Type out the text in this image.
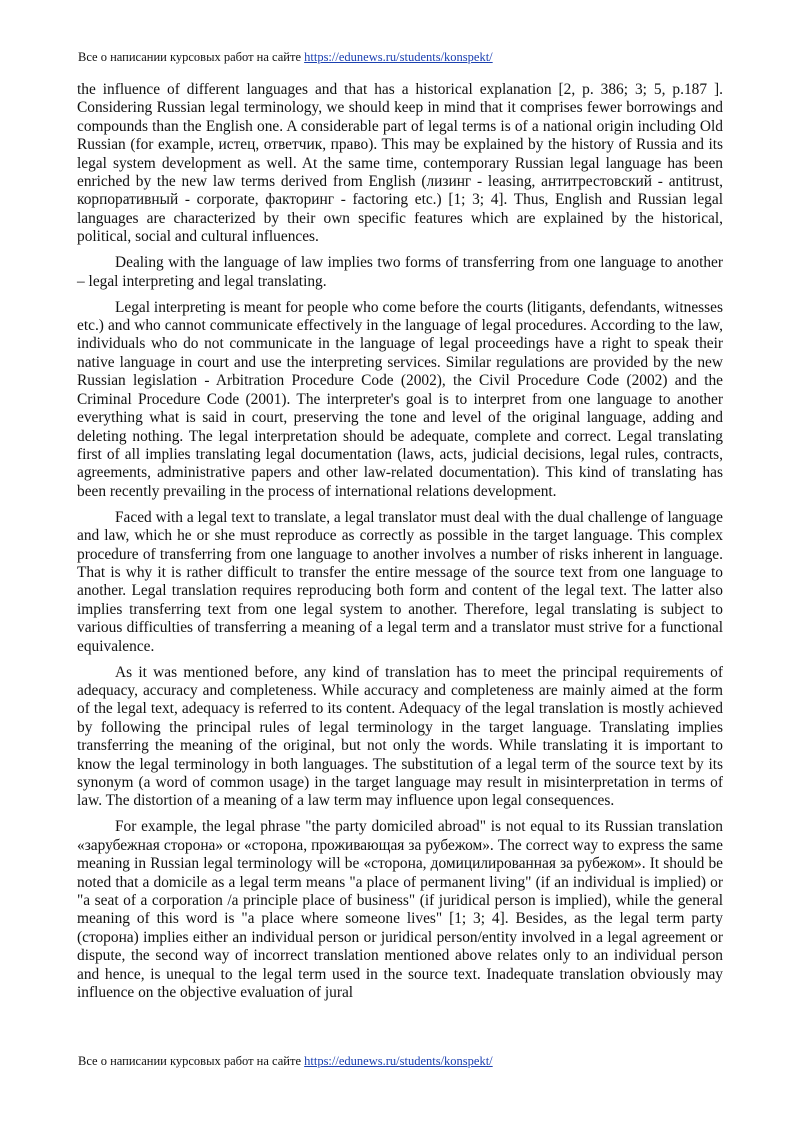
Все о написании курсовых работ на сайте https://edunews.ru/students/konspekt/

the influence of different languages and that has a historical explanation [2, p. 386; 3; 5, p.187 ]. Considering Russian legal terminology, we should keep in mind that it comprises fewer borrowings and compounds than the English one. A considerable part of legal terms is of a national origin including Old Russian (for example, истец, ответчик, право). This may be explained by the history of Russia and its legal system development as well. At the same time, contemporary Russian legal language has been enriched by the new law terms derived from English (лизинг - leasing, антитрестовский - antitrust, корпоративный - corporate, факторинг - factoring etc.) [1; 3; 4]. Thus, English and Russian legal languages are characterized by their own specific features which are explained by the historical, political, social and cultural influences.

Dealing with the language of law implies two forms of transferring from one language to another – legal interpreting and legal translating.

Legal interpreting is meant for people who come before the courts (litigants, defendants, witnesses etc.) and who cannot communicate effectively in the language of legal procedures. According to the law, individuals who do not communicate in the language of legal proceedings have a right to speak their native language in court and use the interpreting services. Similar regulations are provided by the new Russian legislation - Arbitration Procedure Code (2002), the Civil Procedure Code (2002) and the Criminal Procedure Code (2001). The interpreter's goal is to interpret from one language to another everything what is said in court, preserving the tone and level of the original language, adding and deleting nothing. The legal interpretation should be adequate, complete and correct. Legal translating first of all implies translating legal documentation (laws, acts, judicial decisions, legal rules, contracts, agreements, administrative papers and other law-related documentation). This kind of translating has been recently prevailing in the process of international relations development.

Faced with a legal text to translate, a legal translator must deal with the dual challenge of language and law, which he or she must reproduce as correctly as possible in the target language. This complex procedure of transferring from one language to another involves a number of risks inherent in language. That is why it is rather difficult to transfer the entire message of the source text from one language to another. Legal translation requires reproducing both form and content of the legal text. The latter also implies transferring text from one legal system to another. Therefore, legal translating is subject to various difficulties of transferring a meaning of a legal term and a translator must strive for a functional equivalence.

As it was mentioned before, any kind of translation has to meet the principal requirements of adequacy, accuracy and completeness. While accuracy and completeness are mainly aimed at the form of the legal text, adequacy is referred to its content. Adequacy of the legal translation is mostly achieved by following the principal rules of legal terminology in the target language. Translating implies transferring the meaning of the original, but not only the words. While translating it is important to know the legal terminology in both languages. The substitution of a legal term of the source text by its synonym (a word of common usage) in the target language may result in misinterpretation in terms of law. The distortion of a meaning of a law term may influence upon legal consequences.

For example, the legal phrase "the party domiciled abroad" is not equal to its Russian translation «зарубежная сторона» or «сторона, проживающая за рубежом». The correct way to express the same meaning in Russian legal terminology will be «сторона, домицилированная за рубежом». It should be noted that a domicile as a legal term means "a place of permanent living" (if an individual is implied) or "a seat of a corporation /a principle place of business" (if juridical person is implied), while the general meaning of this word is "a place where someone lives" [1; 3; 4]. Besides, as the legal term party (сторона) implies either an individual person or juridical person/entity involved in a legal agreement or dispute, the second way of incorrect translation mentioned above relates only to an individual person and hence, is unequal to the legal term used in the source text. Inadequate translation obviously may influence on the objective evaluation of jural

Все о написании курсовых работ на сайте https://edunews.ru/students/konspekt/
